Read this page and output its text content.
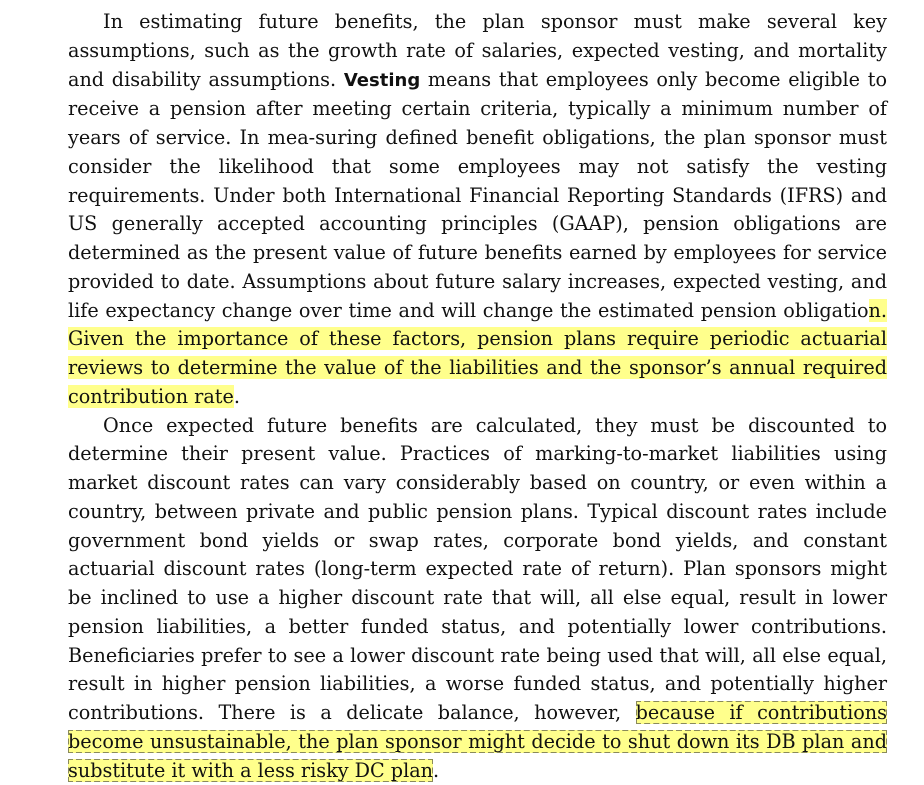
In estimating future benefits, the plan sponsor must make several key assumptions, such as the growth rate of salaries, expected vesting, and mortality and disability assumptions. Vesting means that employees only become eligible to receive a pension after meeting certain criteria, typically a minimum number of years of service. In mea-suring defined benefit obligations, the plan sponsor must consider the likelihood that some employees may not satisfy the vesting requirements. Under both International Financial Reporting Standards (IFRS) and US generally accepted accounting principles (GAAP), pension obligations are determined as the present value of future benefits earned by employees for service provided to date. Assumptions about future salary increases, expected vesting, and life expectancy change over time and will change the estimated pension obligation. Given the importance of these factors, pension plans require periodic actuarial reviews to determine the value of the liabilities and the sponsor’s annual required contribution rate.

Once expected future benefits are calculated, they must be discounted to determine their present value. Practices of marking-to-market liabilities using market discount rates can vary considerably based on country, or even within a country, between private and public pension plans. Typical discount rates include government bond yields or swap rates, corporate bond yields, and constant actuarial discount rates (long-term expected rate of return). Plan sponsors might be inclined to use a higher discount rate that will, all else equal, result in lower pension liabilities, a better funded status, and potentially lower contributions. Beneficiaries prefer to see a lower discount rate being used that will, all else equal, result in higher pension liabilities, a worse funded status, and potentially higher contributions. There is a delicate balance, however, because if contributions become unsustainable, the plan sponsor might decide to shut down its DB plan and substitute it with a less risky DC plan.
